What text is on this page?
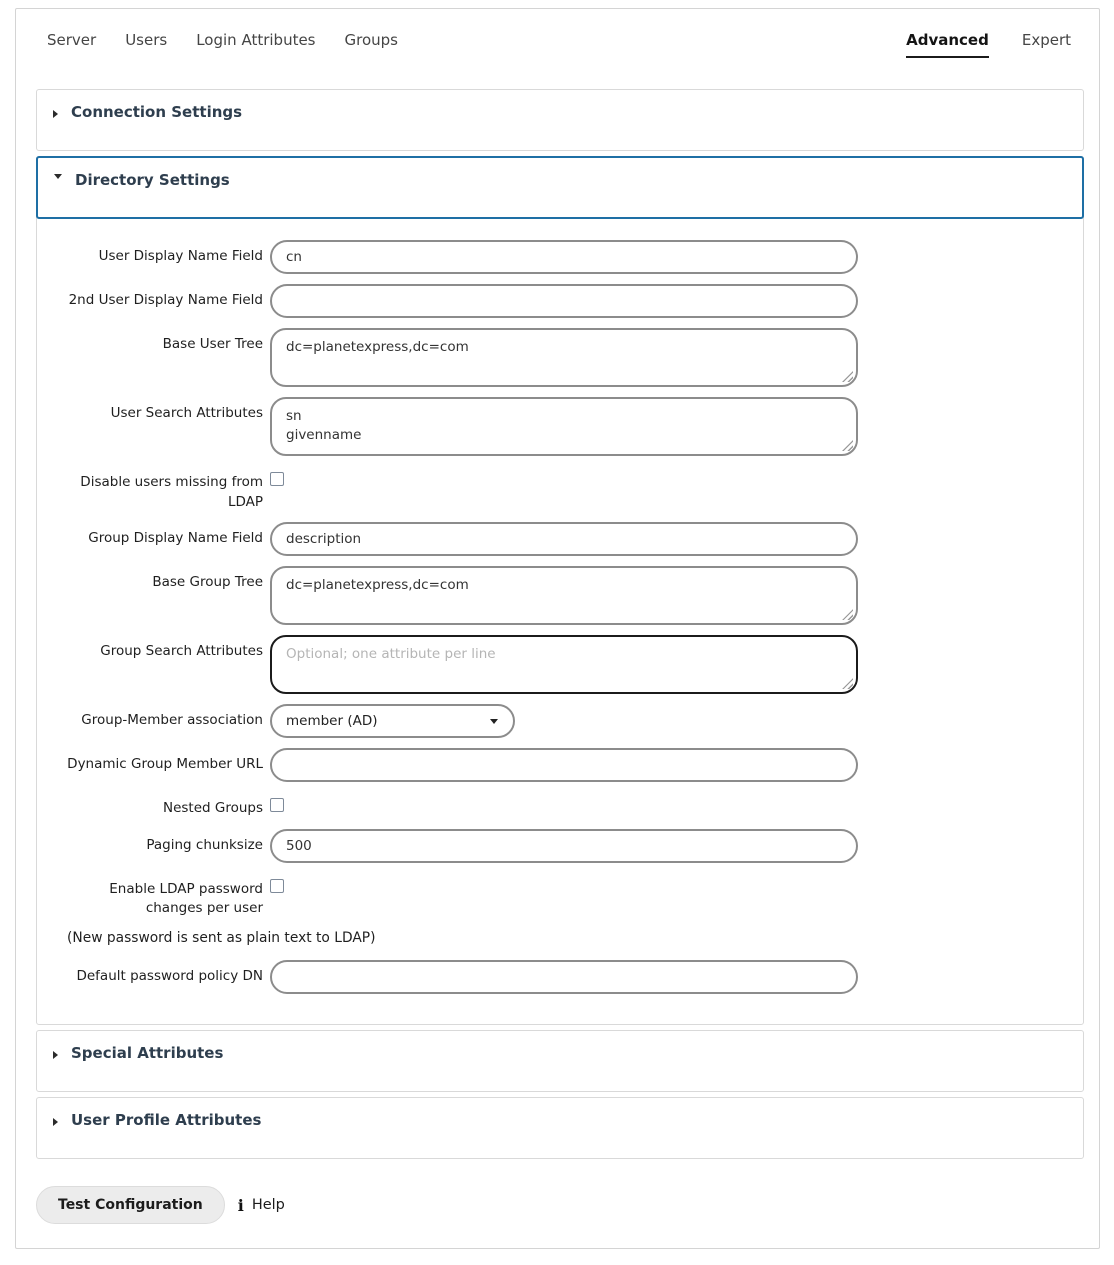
Server Users Login Attributes Groups	Advanced Expert
Connection Settings
Directory Settings
User Display Name Field
cn
2nd User Display Name Field
Base User Tree
dc=planetexpress,dc=com
User Search Attributes
sn givenname
Disable users missing from LDAP
Group Display Name Field
description
Base Group Tree
dc=planetexpress,dc=com
Group Search Attributes
Optional; one attribute per line
Group-Member association
member (AD)
Dynamic Group Member URL
Nested Groups
Paging chunksize
500
Enable LDAP password changes per user
(New password is sent as plain text to LDAP)
Default password policy DN
Special Attributes
User Profile Attributes
Test Configuration	i Help
